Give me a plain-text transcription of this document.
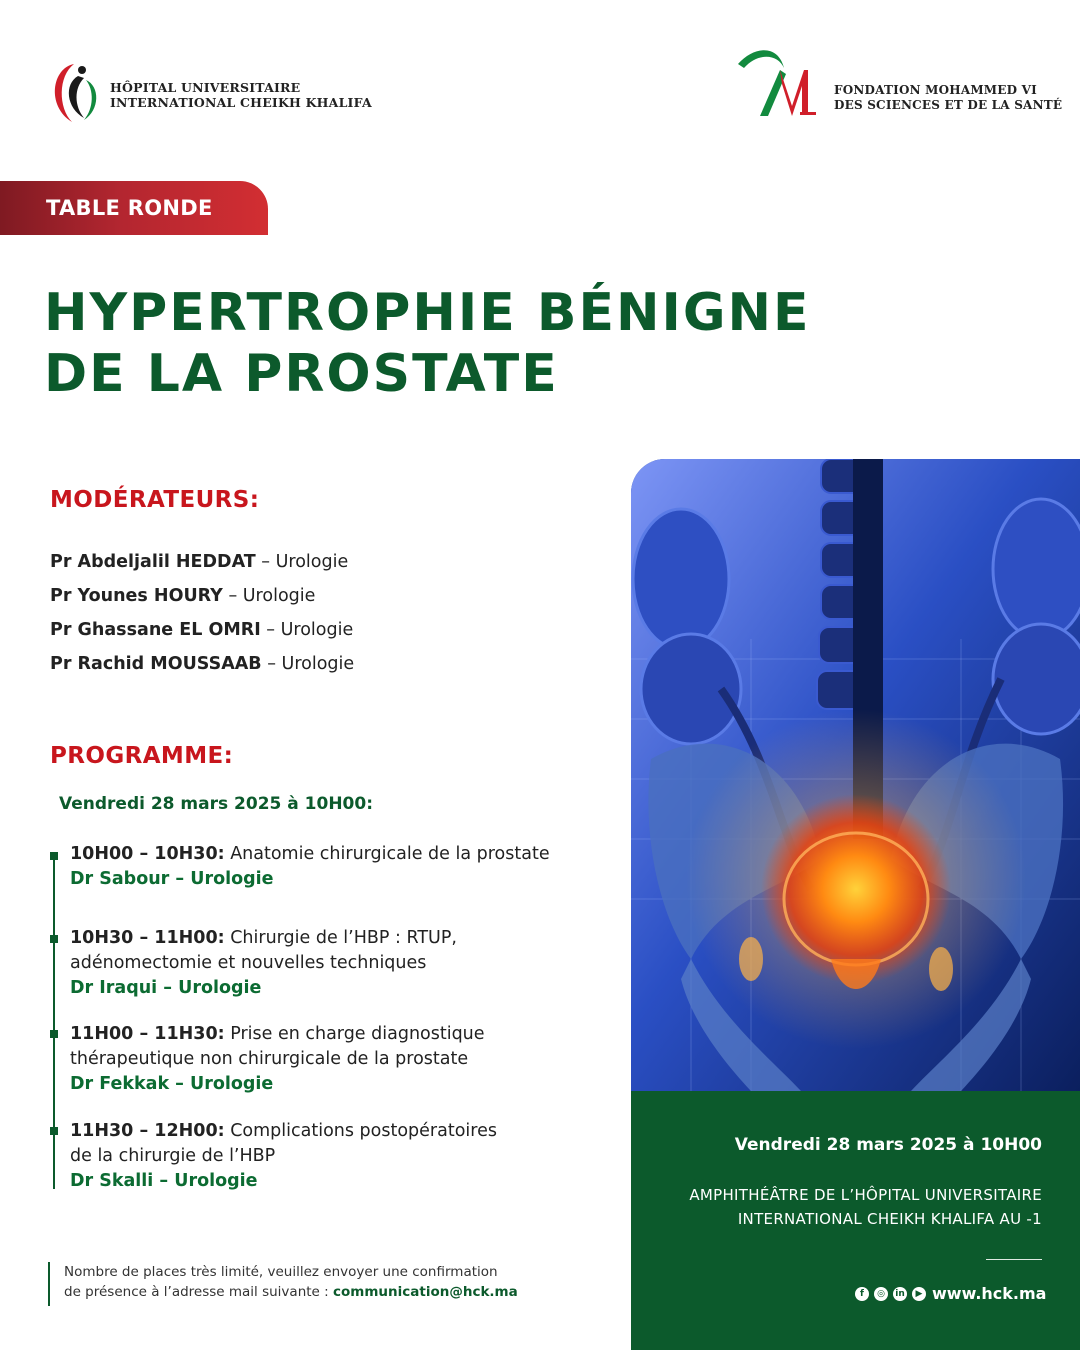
HÔPITAL UNIVERSITAIRE
INTERNATIONAL CHEIKH KHALIFA
FONDATION MOHAMMED VI
DES SCIENCES ET DE LA SANTÉ
TABLE RONDE
HYPERTROPHIE BÉNIGNE
DE LA PROSTATE
MODÉRATEURS:
Pr Abdeljalil HEDDAT – Urologie
Pr Younes HOURY – Urologie
Pr Ghassane EL OMRI – Urologie
Pr Rachid MOUSSAAB – Urologie
PROGRAMME:
Vendredi 28 mars 2025 à 10H00:
10H00 – 10H30: Anatomie chirurgicale de la prostate
Dr Sabour – Urologie
10H30 – 11H00: Chirurgie de l’HBP : RTUP,
adénomectomie et nouvelles techniques
Dr Iraqui – Urologie
11H00 – 11H30: Prise en charge diagnostique
thérapeutique non chirurgicale de la prostate
Dr Fekkak – Urologie
11H30 – 12H00: Complications postopératoires
de la chirurgie de l’HBP
Dr Skalli – Urologie
Nombre de places très limité, veuillez envoyer une confirmation
de présence à l’adresse mail suivante : communication@hck.ma
Vendredi 28 mars 2025 à 10H00
AMPHITHÉÂTRE DE L’HÔPITAL UNIVERSITAIRE
INTERNATIONAL CHEIKH KHALIFA AU -1
f	◎	in	▶ www.hck.ma
